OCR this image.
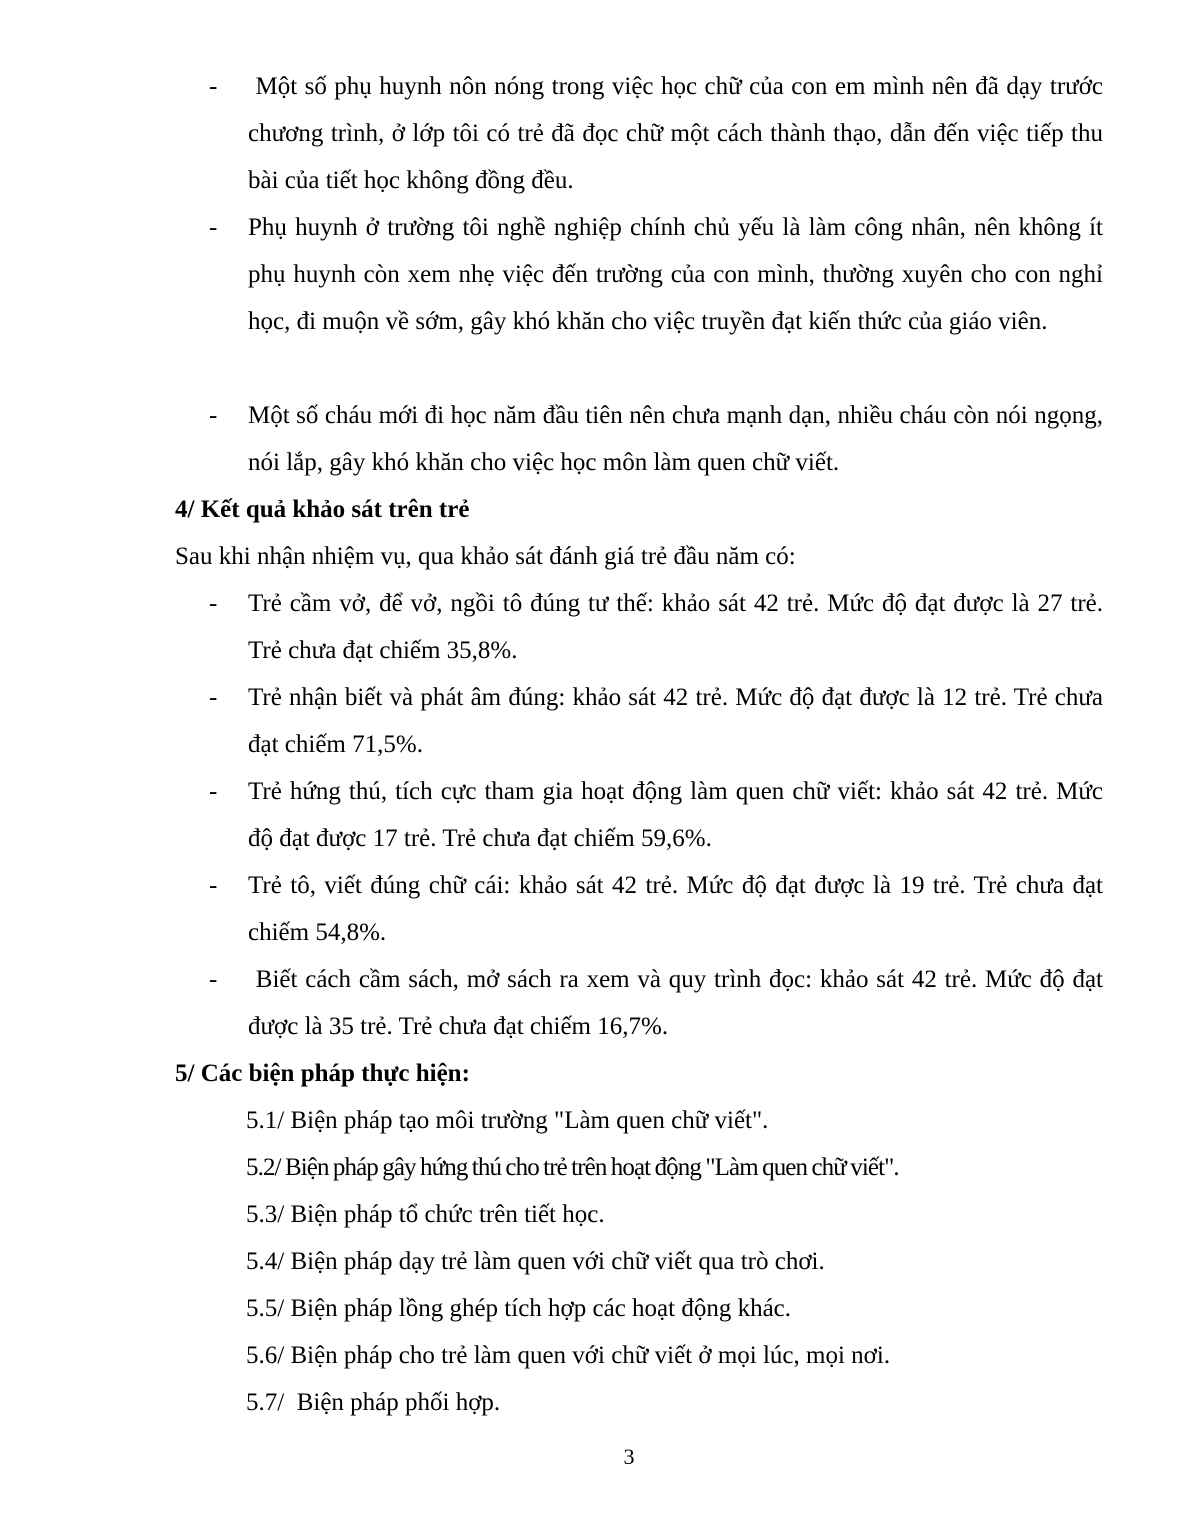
- Một số phụ huynh nôn nóng trong việc học chữ của con em mình nên đã dạy trước  chương trình, ở lớp tôi có trẻ đã đọc chữ một cách thành thạo, dẫn đến việc tiếp thu bài của tiết học không đồng đều.
- Phụ huynh ở trường tôi nghề nghiệp chính chủ yếu là làm công nhân, nên không ít phụ huynh còn xem nhẹ việc đến trường của con mình, thường xuyên cho con nghỉ học, đi muộn về sớm, gây khó khăn cho việc truyền đạt kiến thức của giáo viên.
- Một số cháu mới đi học năm đầu tiên nên chưa mạnh dạn, nhiều cháu còn nói ngọng, nói lắp, gây khó khăn cho việc học môn làm quen chữ viết.
4/ Kết quả khảo sát trên trẻ
Sau khi nhận nhiệm vụ, qua khảo sát đánh giá trẻ đầu năm có:
- Trẻ cầm vở, để vở, ngồi tô đúng tư thế: khảo sát 42 trẻ. Mức độ đạt được là 27 trẻ. Trẻ chưa đạt chiếm 35,8%.
- Trẻ nhận biết và phát âm đúng: khảo sát 42 trẻ. Mức độ đạt được là 12 trẻ. Trẻ chưa đạt chiếm 71,5%.
- Trẻ hứng thú, tích cực tham gia hoạt động làm quen chữ viết: khảo sát 42 trẻ. Mức độ đạt được 17 trẻ. Trẻ chưa đạt chiếm 59,6%.
- Trẻ tô, viết đúng chữ cái: khảo sát 42 trẻ. Mức độ đạt được là 19 trẻ. Trẻ chưa đạt chiếm 54,8%.
- Biết cách cầm sách, mở sách ra xem và quy trình đọc: khảo sát 42 trẻ. Mức độ đạt được là 35 trẻ. Trẻ chưa đạt chiếm 16,7%.
5/ Các biện pháp thực hiện:
5.1/ Biện pháp tạo môi trường "Làm quen chữ viết".
5.2/ Biện pháp gây hứng thú cho trẻ trên hoạt động "Làm quen chữ viết".
5.3/ Biện pháp tổ chức trên tiết học.
5.4/ Biện pháp dạy trẻ làm quen với chữ viết qua trò chơi.
5.5/ Biện pháp lồng ghép tích hợp các hoạt động khác.
5.6/ Biện pháp cho trẻ làm quen với chữ viết ở mọi lúc, mọi nơi.
5.7/  Biện pháp phối hợp.
3
